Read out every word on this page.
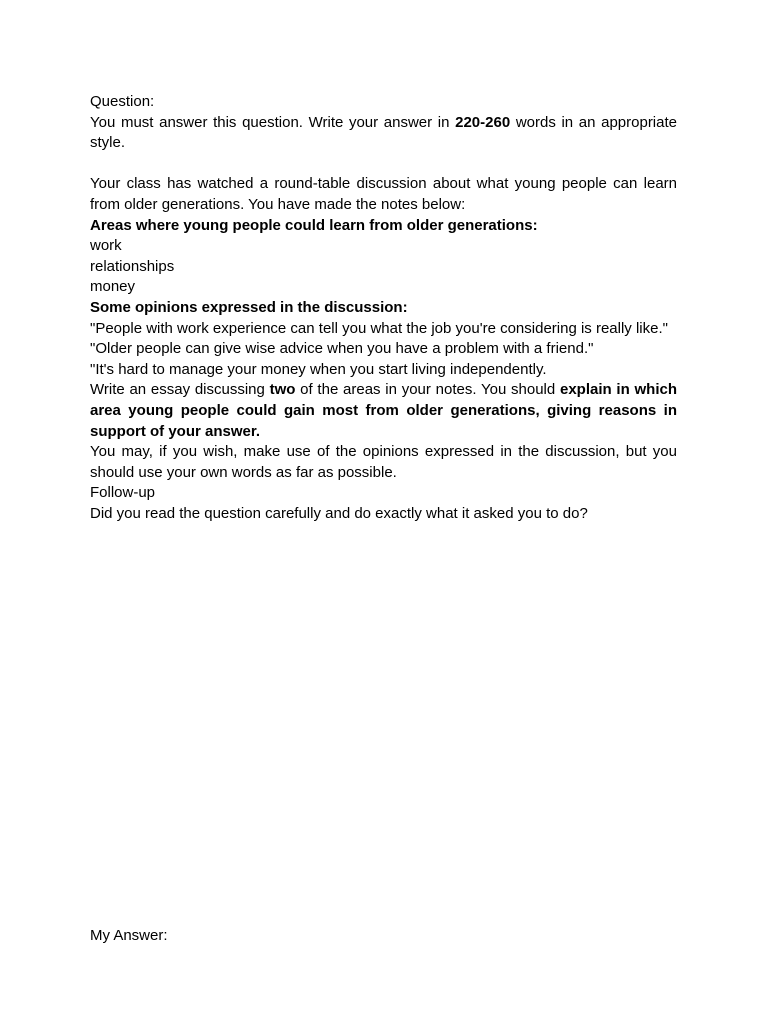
Question:

You must answer this question. Write your answer in 220-260 words in an appropriate style.

Your class has watched a round-table discussion about what young people can learn from older generations. You have made the notes below:

Areas where young people could learn from older generations:

work

relationships

money

Some opinions expressed in the discussion:

"People with work experience can tell you what the job you're considering is really like."

"Older people can give wise advice when you have a problem with a friend."

"It's hard to manage your money when you start living independently.

Write an essay discussing two of the areas in your notes. You should explain in which area young people could gain most from older generations, giving reasons in support of your answer.

You may, if you wish, make use of the opinions expressed in the discussion, but you should use your own words as far as possible.

Follow-up

Did you read the question carefully and do exactly what it asked you to do?

My Answer:
